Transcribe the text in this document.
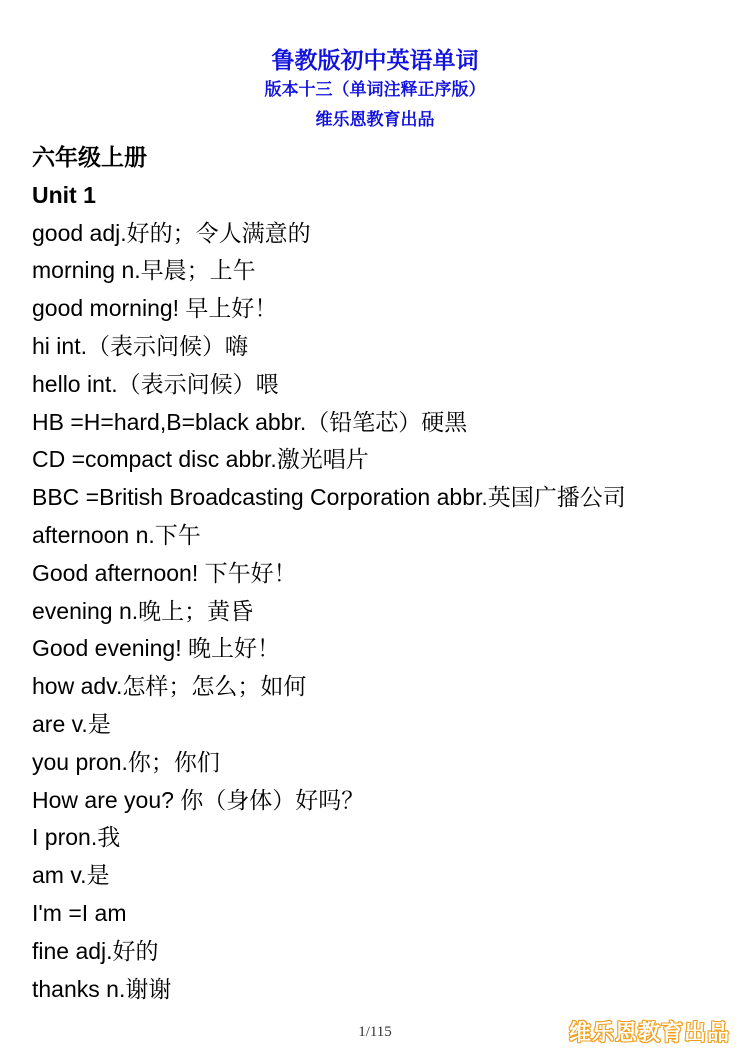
鲁教版初中英语单词
版本十三（单词注释正序版）
维乐恩教育出品
六年级上册
Unit 1
good adj.好的；令人满意的
morning n.早晨；上午
good morning! 早上好！
hi int.（表示问候）嗨
hello int.（表示问候）喂
HB =H=hard,B=black abbr.（铅笔芯）硬黑
CD =compact disc abbr.激光唱片
BBC =British Broadcasting Corporation abbr.英国广播公司
afternoon n.下午
Good afternoon! 下午好！
evening n.晚上；黄昏
Good evening! 晚上好！
how adv.怎样；怎么；如何
are v.是
you pron.你；你们
How are you? 你（身体）好吗？
I pron.我
am v.是
I'm =I am
fine adj.好的
thanks n.谢谢
1/115	维乐恩教育出品
